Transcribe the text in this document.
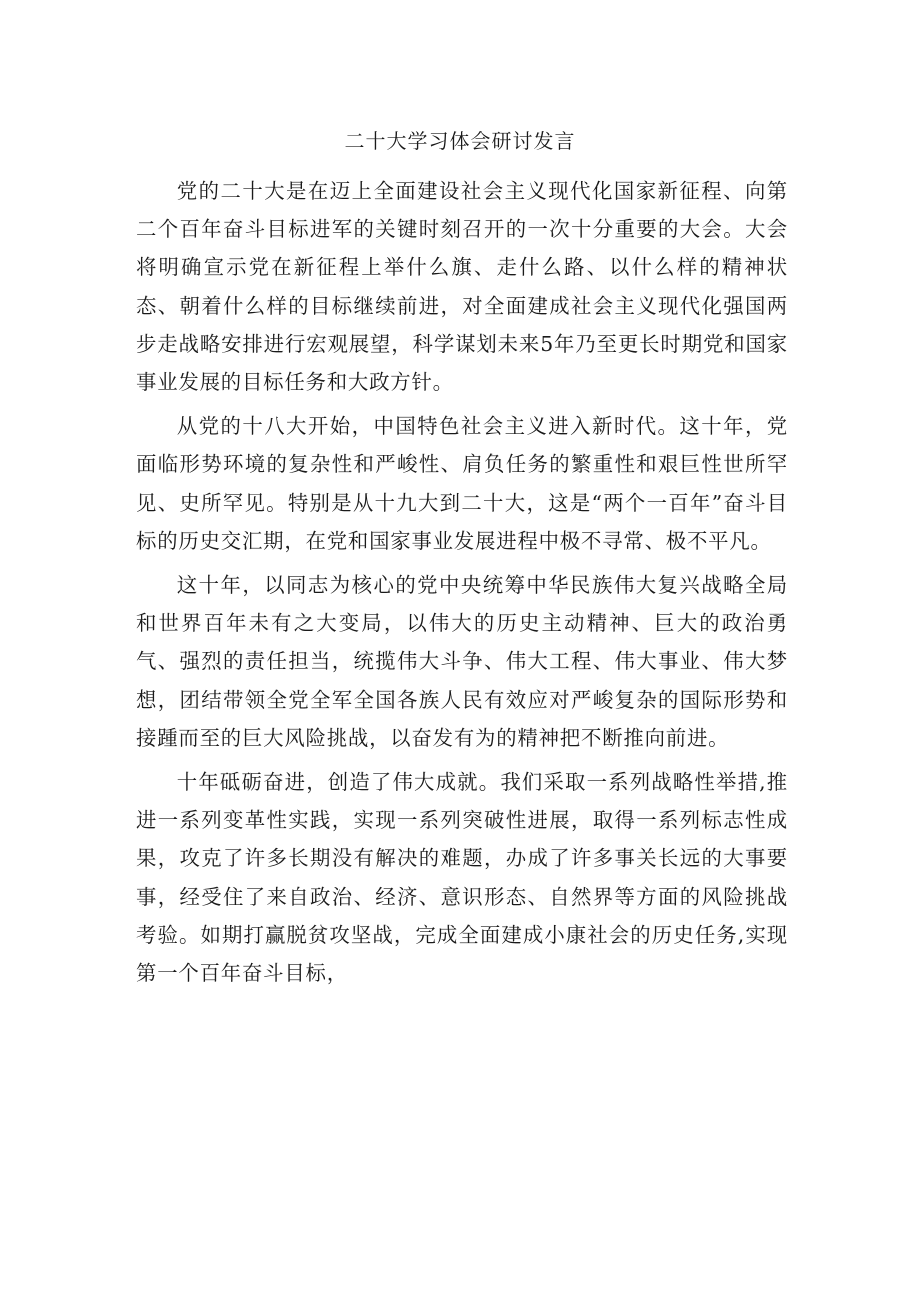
二十大学习体会研讨发言

党的二十大是在迈上全面建设社会主义现代化国家新征程、向第二个百年奋斗目标进军的关键时刻召开的一次十分重要的大会。大会将明确宣示党在新征程上举什么旗、走什么路、以什么样的精神状态、朝着什么样的目标继续前进，对全面建成社会主义现代化强国两步走战略安排进行宏观展望，科学谋划未来5年乃至更长时期党和国家事业发展的目标任务和大政方针。

从党的十八大开始，中国特色社会主义进入新时代。这十年，党面临形势环境的复杂性和严峻性、肩负任务的繁重性和艰巨性世所罕见、史所罕见。特别是从十九大到二十大，这是“两个一百年”奋斗目标的历史交汇期，在党和国家事业发展进程中极不寻常、极不平凡。

这十年，以同志为核心的党中央统筹中华民族伟大复兴战略全局和世界百年未有之大变局，以伟大的历史主动精神、巨大的政治勇气、强烈的责任担当，统揽伟大斗争、伟大工程、伟大事业、伟大梦想，团结带领全党全军全国各族人民有效应对严峻复杂的国际形势和接踵而至的巨大风险挑战，以奋发有为的精神把不断推向前进。

十年砥砺奋进，创造了伟大成就。我们采取一系列战略性举措,推进一系列变革性实践，实现一系列突破性进展，取得一系列标志性成果，攻克了许多长期没有解决的难题，办成了许多事关长远的大事要事，经受住了来自政治、经济、意识形态、自然界等方面的风险挑战考验。如期打赢脱贫攻坚战，完成全面建成小康社会的历史任务,实现第一个百年奋斗目标，
